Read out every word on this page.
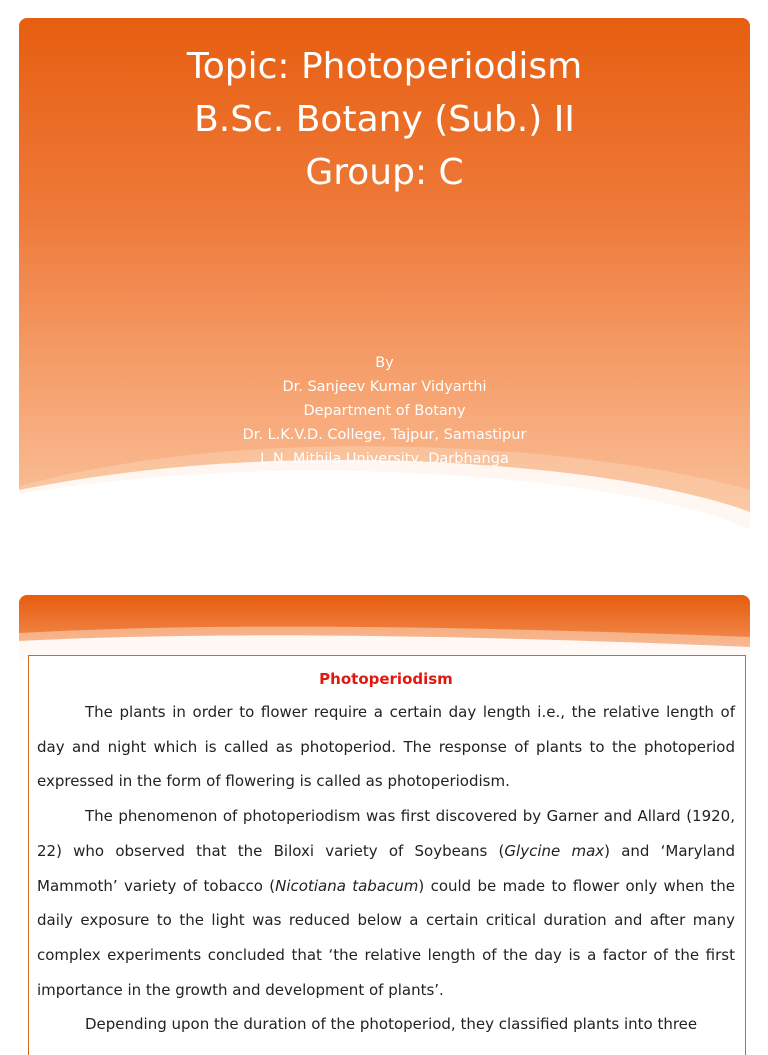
Topic: Photoperiodism
B.Sc. Botany (Sub.) II
Group: C
By
Dr. Sanjeev Kumar Vidyarthi
Department of Botany
Dr. L.K.V.D. College, Tajpur, Samastipur
L.N. Mithila University, Darbhanga
Photoperiodism

The plants in order to flower require a certain day length i.e., the relative length of day and night which is called as photoperiod. The response of plants to the photoperiod expressed in the form of flowering is called as photoperiodism.

The phenomenon of photoperiodism was first discovered by Garner and Allard (1920, 22) who observed that the Biloxi variety of Soybeans (Glycine max) and ‘Maryland Mammoth’ variety of tobacco (Nicotiana tabacum) could be made to flower only when the daily exposure to the light was reduced below a certain critical duration and after many complex experiments concluded that ‘the relative length of the day is a factor of the first importance in the growth and development of plants’.

Depending upon the duration of the photoperiod, they classified plants into three
